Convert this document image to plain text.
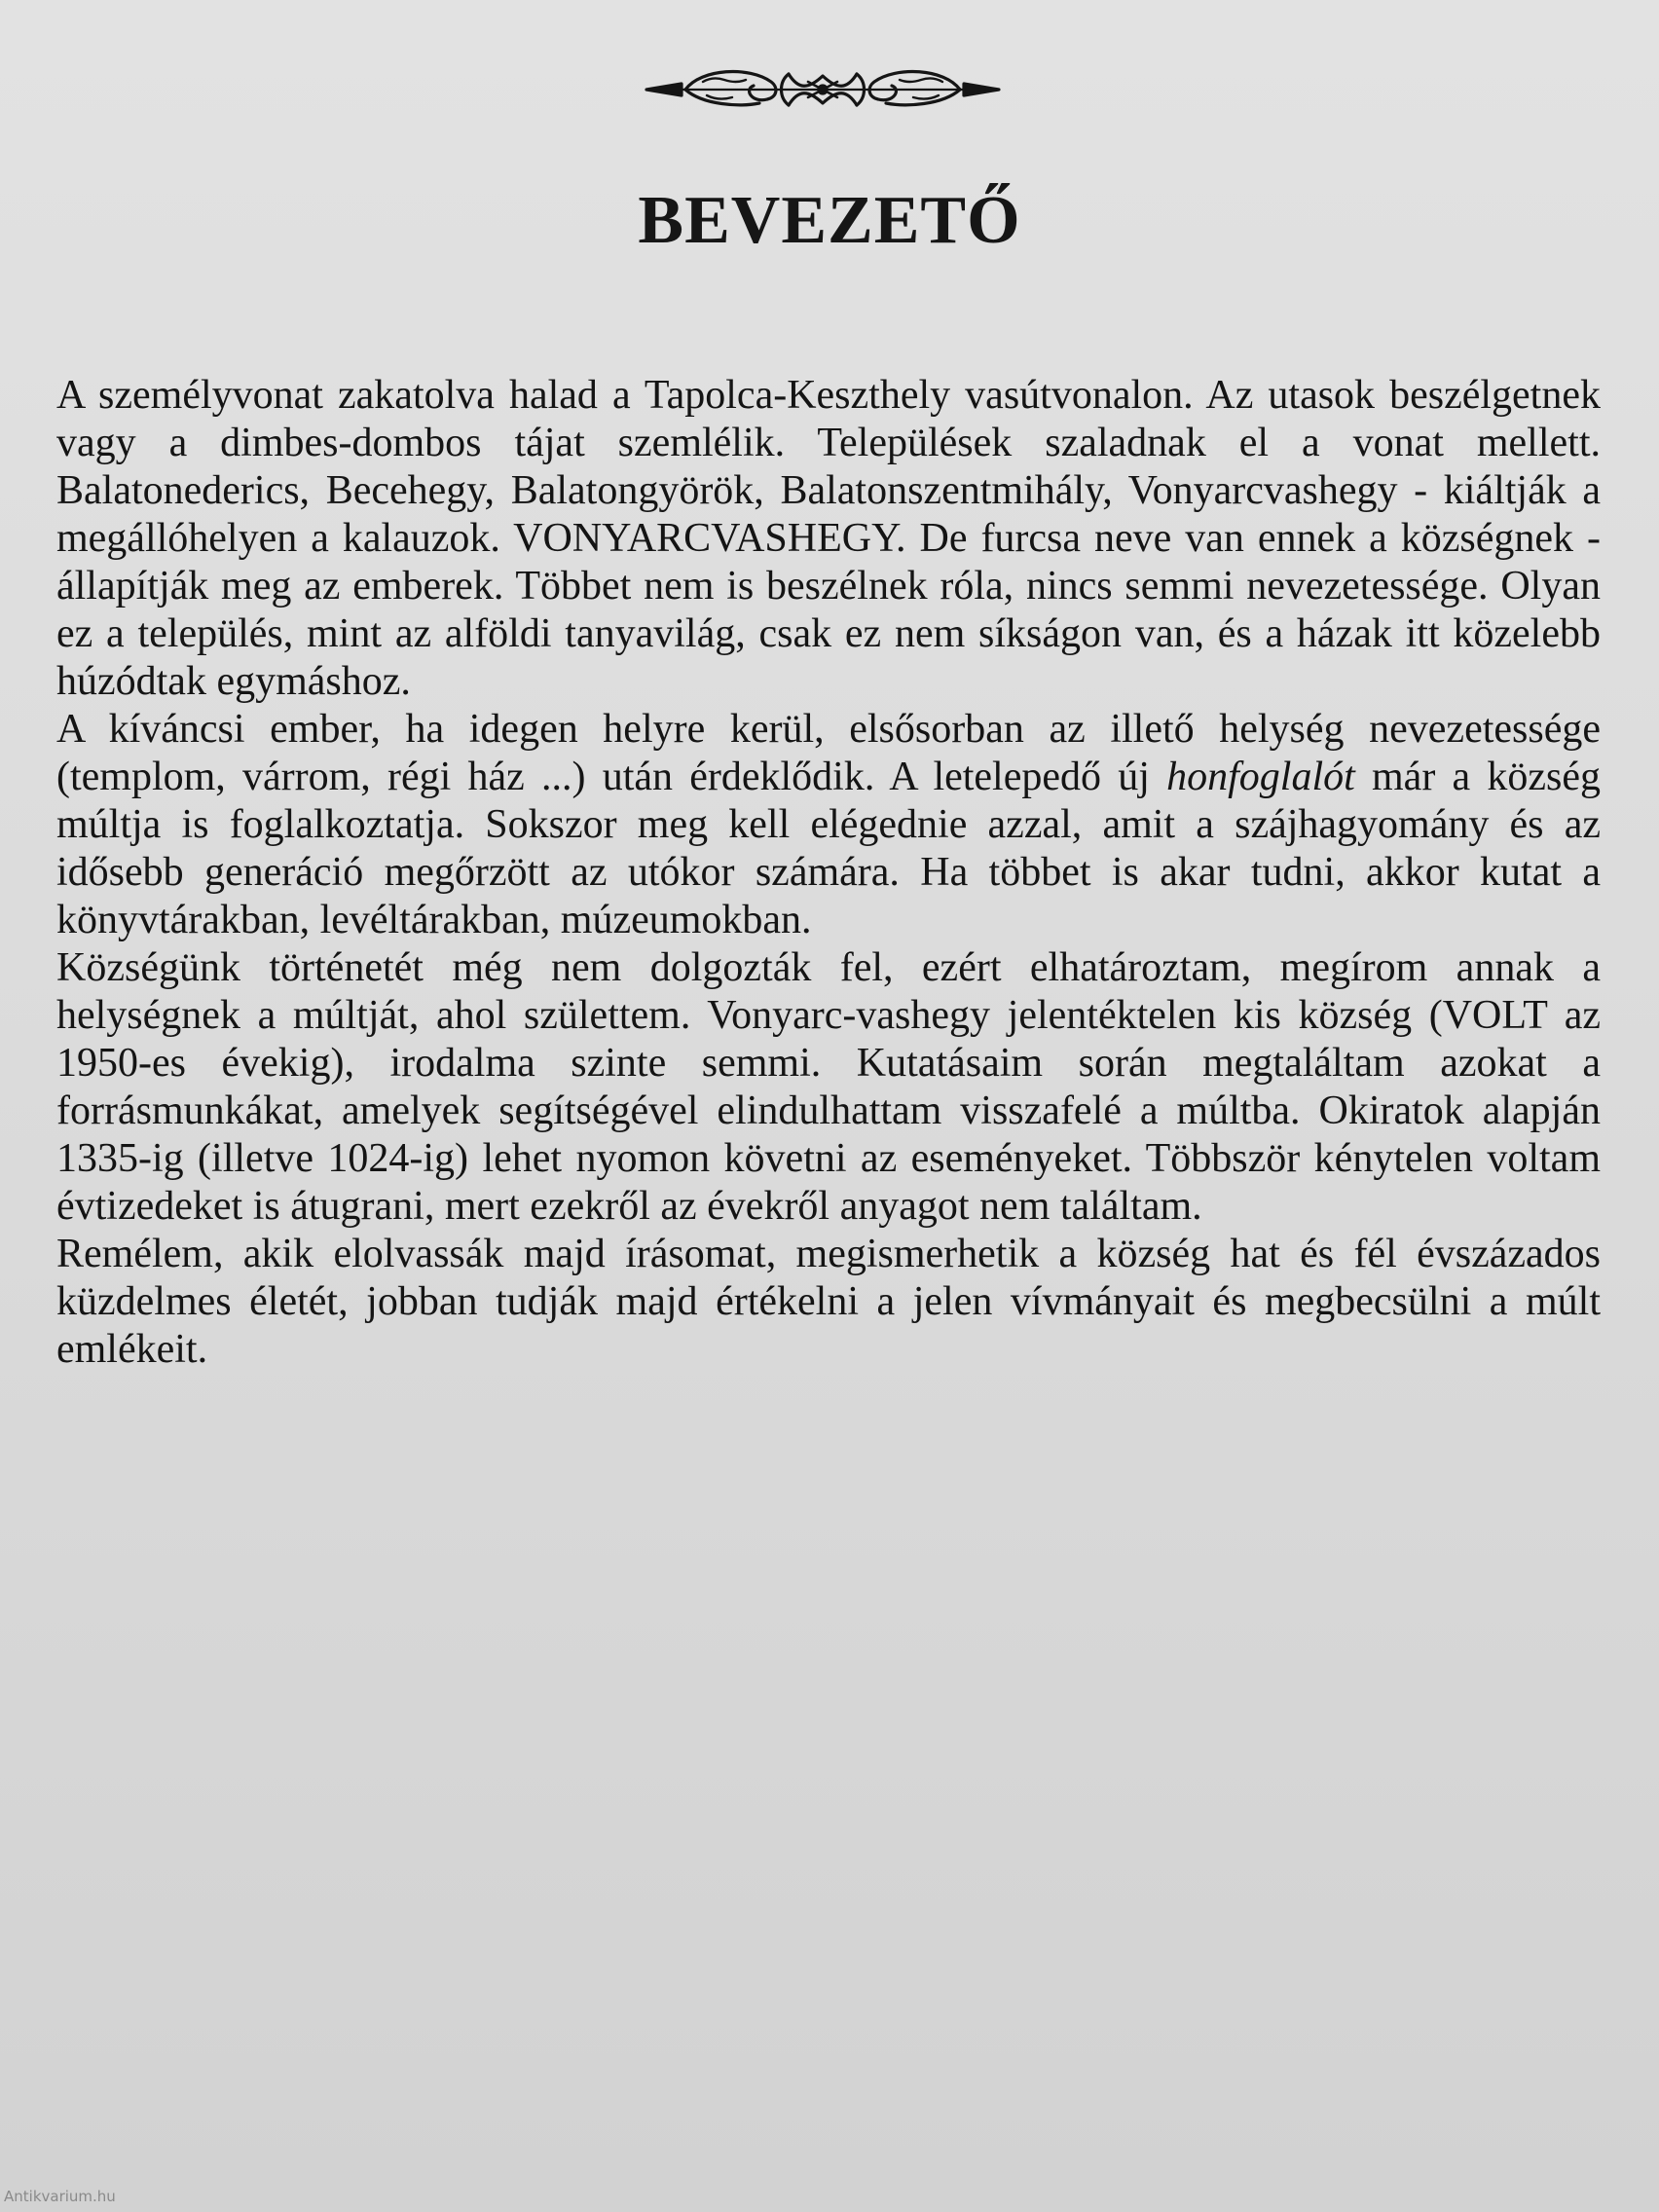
BEVEZETŐ

A személyvonat zakatolva halad a Tapolca-Keszthely vasútvonalon. Az utasok beszélgetnek vagy a dimbes-dombos tájat szemlélik. Települések szaladnak el a vonat mellett. Balatonederics, Becehegy, Balatongyörök, Balatonszentmihály, Vonyarcvashegy - kiáltják a megállóhelyen a kalauzok. VONYARCVASHEGY. De furcsa neve van ennek a községnek - állapítják meg az emberek. Többet nem is beszélnek róla, nincs semmi nevezetessége. Olyan ez a település, mint az alföldi tanyavilág, csak ez nem síkságon van, és a házak itt közelebb húzódtak egymáshoz.

A kíváncsi ember, ha idegen helyre kerül, elsősorban az illető helység nevezetessége (templom, várrom, régi ház ...) után érdeklődik. A letelepedő új honfoglalót már a község múltja is foglalkoztatja. Sokszor meg kell elégednie azzal, amit a szájhagyomány és az idősebb generáció megőrzött az utókor számára. Ha többet is akar tudni, akkor kutat a könyvtárakban, levéltárakban, múzeumokban.

Községünk történetét még nem dolgozták fel, ezért elhatároztam, megírom annak a helységnek a múltját, ahol születtem. Vonyarc-vashegy jelentéktelen kis község (VOLT az 1950-es évekig), irodalma szinte semmi. Kutatásaim során megtaláltam azokat a forrásmunkákat, amelyek segítségével elindulhattam visszafelé a múltba. Okiratok alapján 1335-ig (illetve 1024-ig) lehet nyomon követni az eseményeket. Többször kénytelen voltam évtizedeket is átugrani, mert ezekről az évekről anyagot nem találtam.

Remélem, akik elolvassák majd írásomat, megismerhetik a község hat és fél évszázados küzdelmes életét, jobban tudják majd értékelni a jelen vívmányait és megbecsülni a múlt emlékeit.

Antikvarium.hu
